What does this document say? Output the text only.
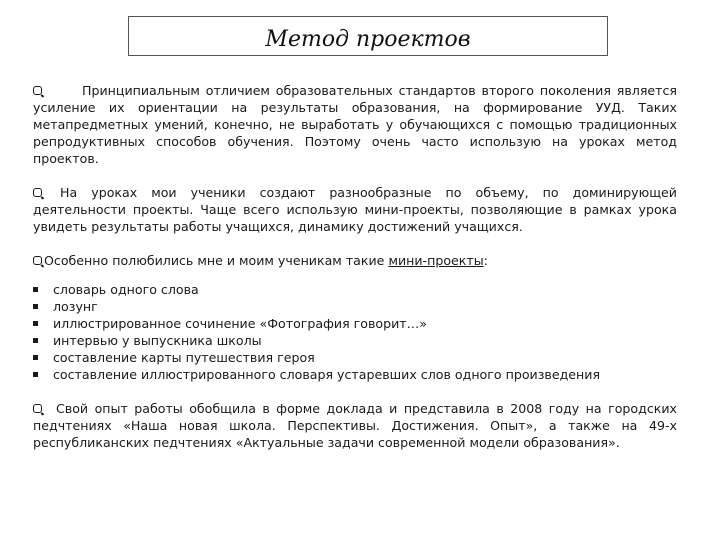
Метод проектов

Принципиальным отличием образовательных стандартов второго поколения является усиление их ориентации на результаты образования, на формирование УУД. Таких метапредметных умений, конечно, не выработать у обучающихся с помощью традиционных репродуктивных способов обучения. Поэтому очень часто использую на уроках метод проектов.

На уроках мои ученики создают разнообразные по объему, по доминирующей деятельности проекты. Чаще всего использую мини-проекты, позволяющие в рамках урока увидеть результаты работы учащихся, динамику достижений учащихся.

Особенно полюбились мне и моим ученикам такие мини-проекты:

словарь одного слова
лозунг
иллюстрированное сочинение «Фотография говорит…»
интервью у выпускника школы
составление карты путешествия героя
составление иллюстрированного словаря устаревших слов одного произведения

Свой опыт работы обобщила в форме доклада и представила в 2008 году на городских педчтениях «Наша новая школа. Перспективы. Достижения. Опыт», а также на 49-х республиканских педчтениях «Актуальные задачи современной модели образования».
